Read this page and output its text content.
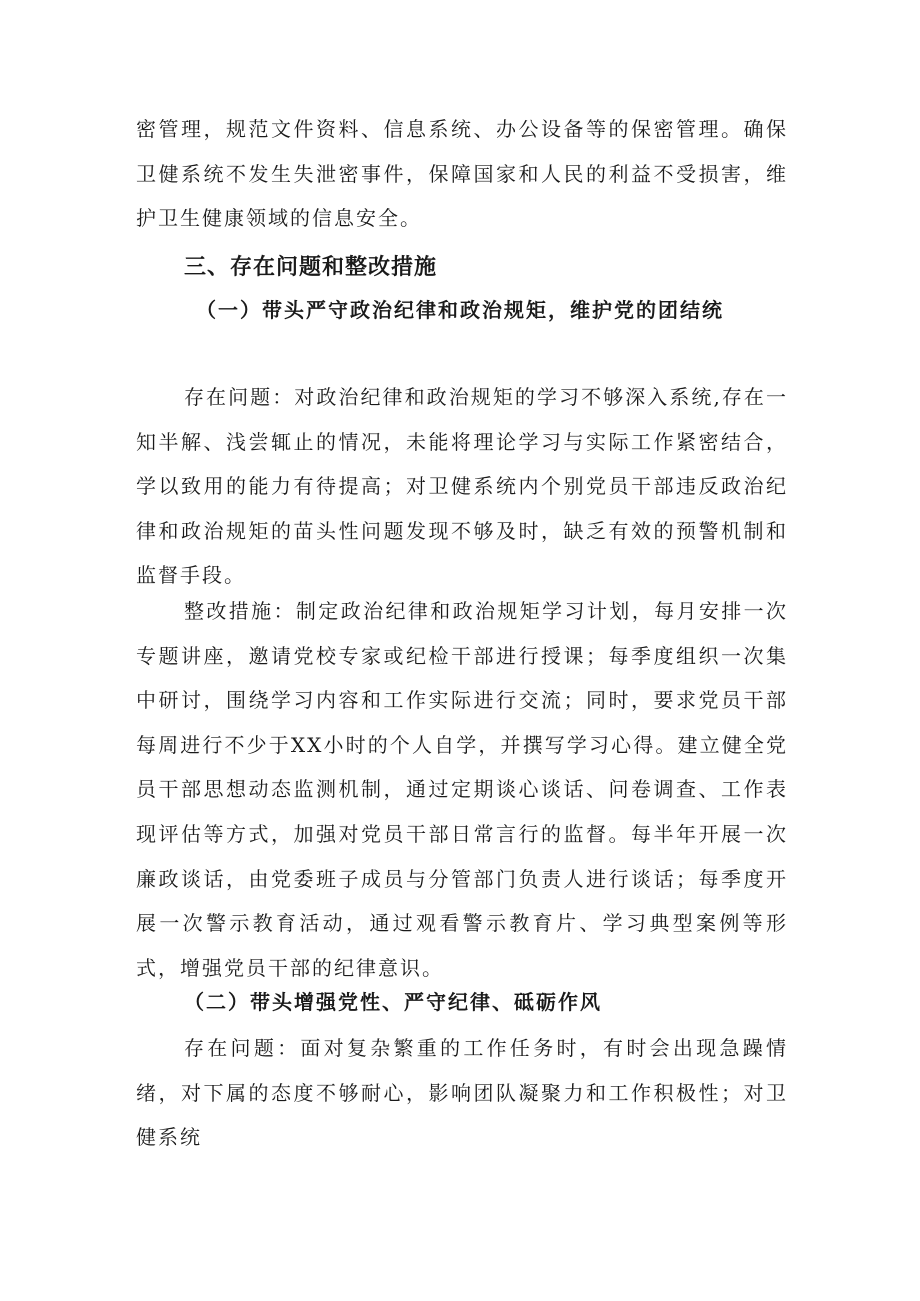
密管理，规范文件资料、信息系统、办公设备等的保密管理。确保卫健系统不发生失泄密事件，保障国家和人民的利益不受损害，维护卫生健康领域的信息安全。

三、存在问题和整改措施
（一）带头严守政治纪律和政治规矩，维护党的团结统

存在问题：对政治纪律和政治规矩的学习不够深入系统,存在一知半解、浅尝辄止的情况，未能将理论学习与实际工作紧密结合，学以致用的能力有待提高；对卫健系统内个别党员干部违反政治纪律和政治规矩的苗头性问题发现不够及时，缺乏有效的预警机制和监督手段。

整改措施：制定政治纪律和政治规矩学习计划，每月安排一次专题讲座，邀请党校专家或纪检干部进行授课；每季度组织一次集中研讨，围绕学习内容和工作实际进行交流；同时，要求党员干部每周进行不少于XX小时的个人自学，并撰写学习心得。建立健全党员干部思想动态监测机制，通过定期谈心谈话、问卷调查、工作表现评估等方式，加强对党员干部日常言行的监督。每半年开展一次廉政谈话，由党委班子成员与分管部门负责人进行谈话；每季度开展一次警示教育活动，通过观看警示教育片、学习典型案例等形式，增强党员干部的纪律意识。

（二）带头增强党性、严守纪律、砥砺作风

存在问题：面对复杂繁重的工作任务时，有时会出现急躁情绪，对下属的态度不够耐心，影响团队凝聚力和工作积极性；对卫健系统
